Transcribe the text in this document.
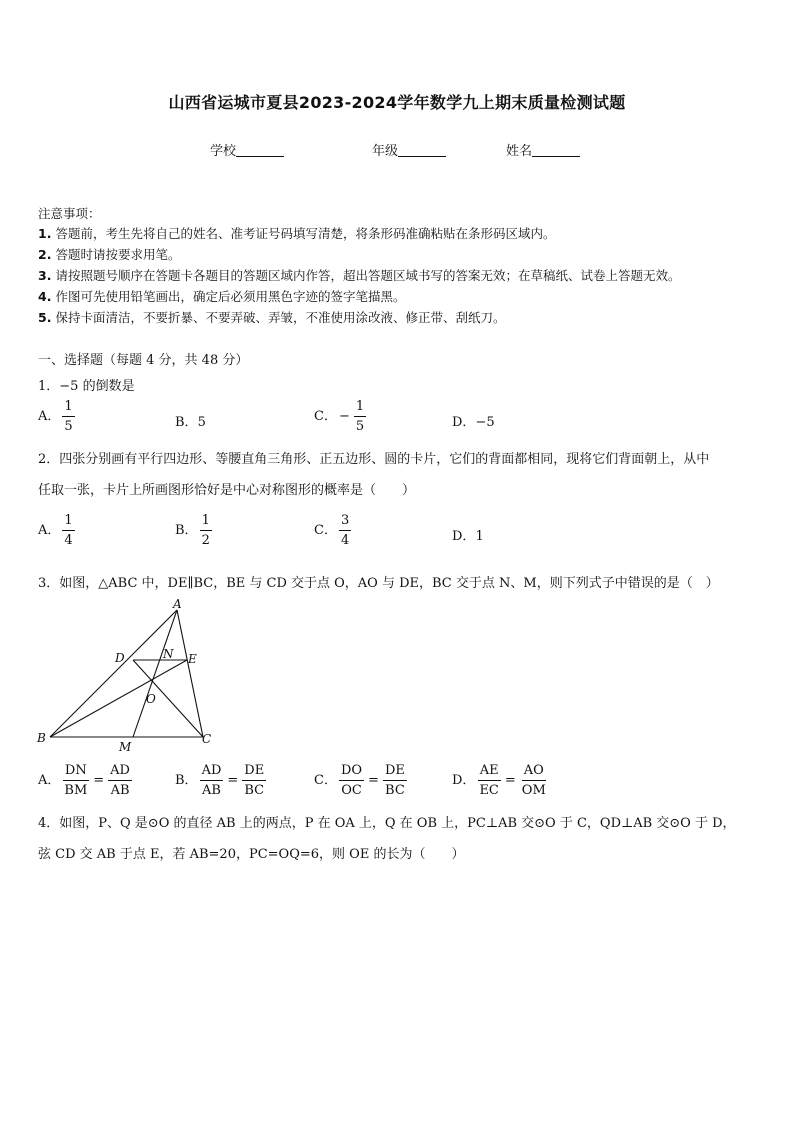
山西省运城市夏县2023-2024学年数学九上期末质量检测试题
学校	年级	姓名
注意事项：
1. 答题前，考生先将自己的姓名、准考证号码填写清楚，将条形码准确粘贴在条形码区域内。
2. 答题时请按要求用笔。
3. 请按照题号顺序在答题卡各题目的答题区域内作答，超出答题区域书写的答案无效；在草稿纸、试卷上答题无效。
4. 作图可先使用铅笔画出，确定后必须用黑色字迹的签字笔描黑。
5. 保持卡面清洁，不要折暴、不要弄破、弄皱，不准使用涂改液、修正带、刮纸刀。
一、选择题（每题 4 分，共 48 分）
1．−5 的倒数是
A． $\frac{1}{5}$	B．5	C． − $\frac{1}{5}$	D．−5
2．四张分别画有平行四边形、等腰直角三角形、正五边形、圆的卡片，它们的背面都相同，现将它们背面朝上，从中
任取一张，卡片上所画图形恰好是中心对称图形的概率是（　　）
A． $\frac{1}{4}$	B． $\frac{1}{2}$	C． $\frac{3}{4}$	D．1
3．如图，△ABC 中，DE∥BC，BE 与 CD 交于点 O，AO 与 DE，BC 交于点 N、M，则下列式子中错误的是（　）
A
B	C
D	E
N
O
M
A． $\frac{DN}{BM} = \frac{AD}{AB}$	B． $\frac{AD}{AB} = \frac{DE}{BC}$	C． $\frac{DO}{OC} = \frac{DE}{BC}$	D． $\frac{AE}{EC} = \frac{AO}{OM}$
4．如图，P、Q 是⊙O 的直径 AB 上的两点，P 在 OA 上，Q 在 OB 上，PC⊥AB 交⊙O 于 C，QD⊥AB 交⊙O 于 D，
弦 CD 交 AB 于点 E，若 AB=20，PC=OQ=6，则 OE 的长为（　　）
